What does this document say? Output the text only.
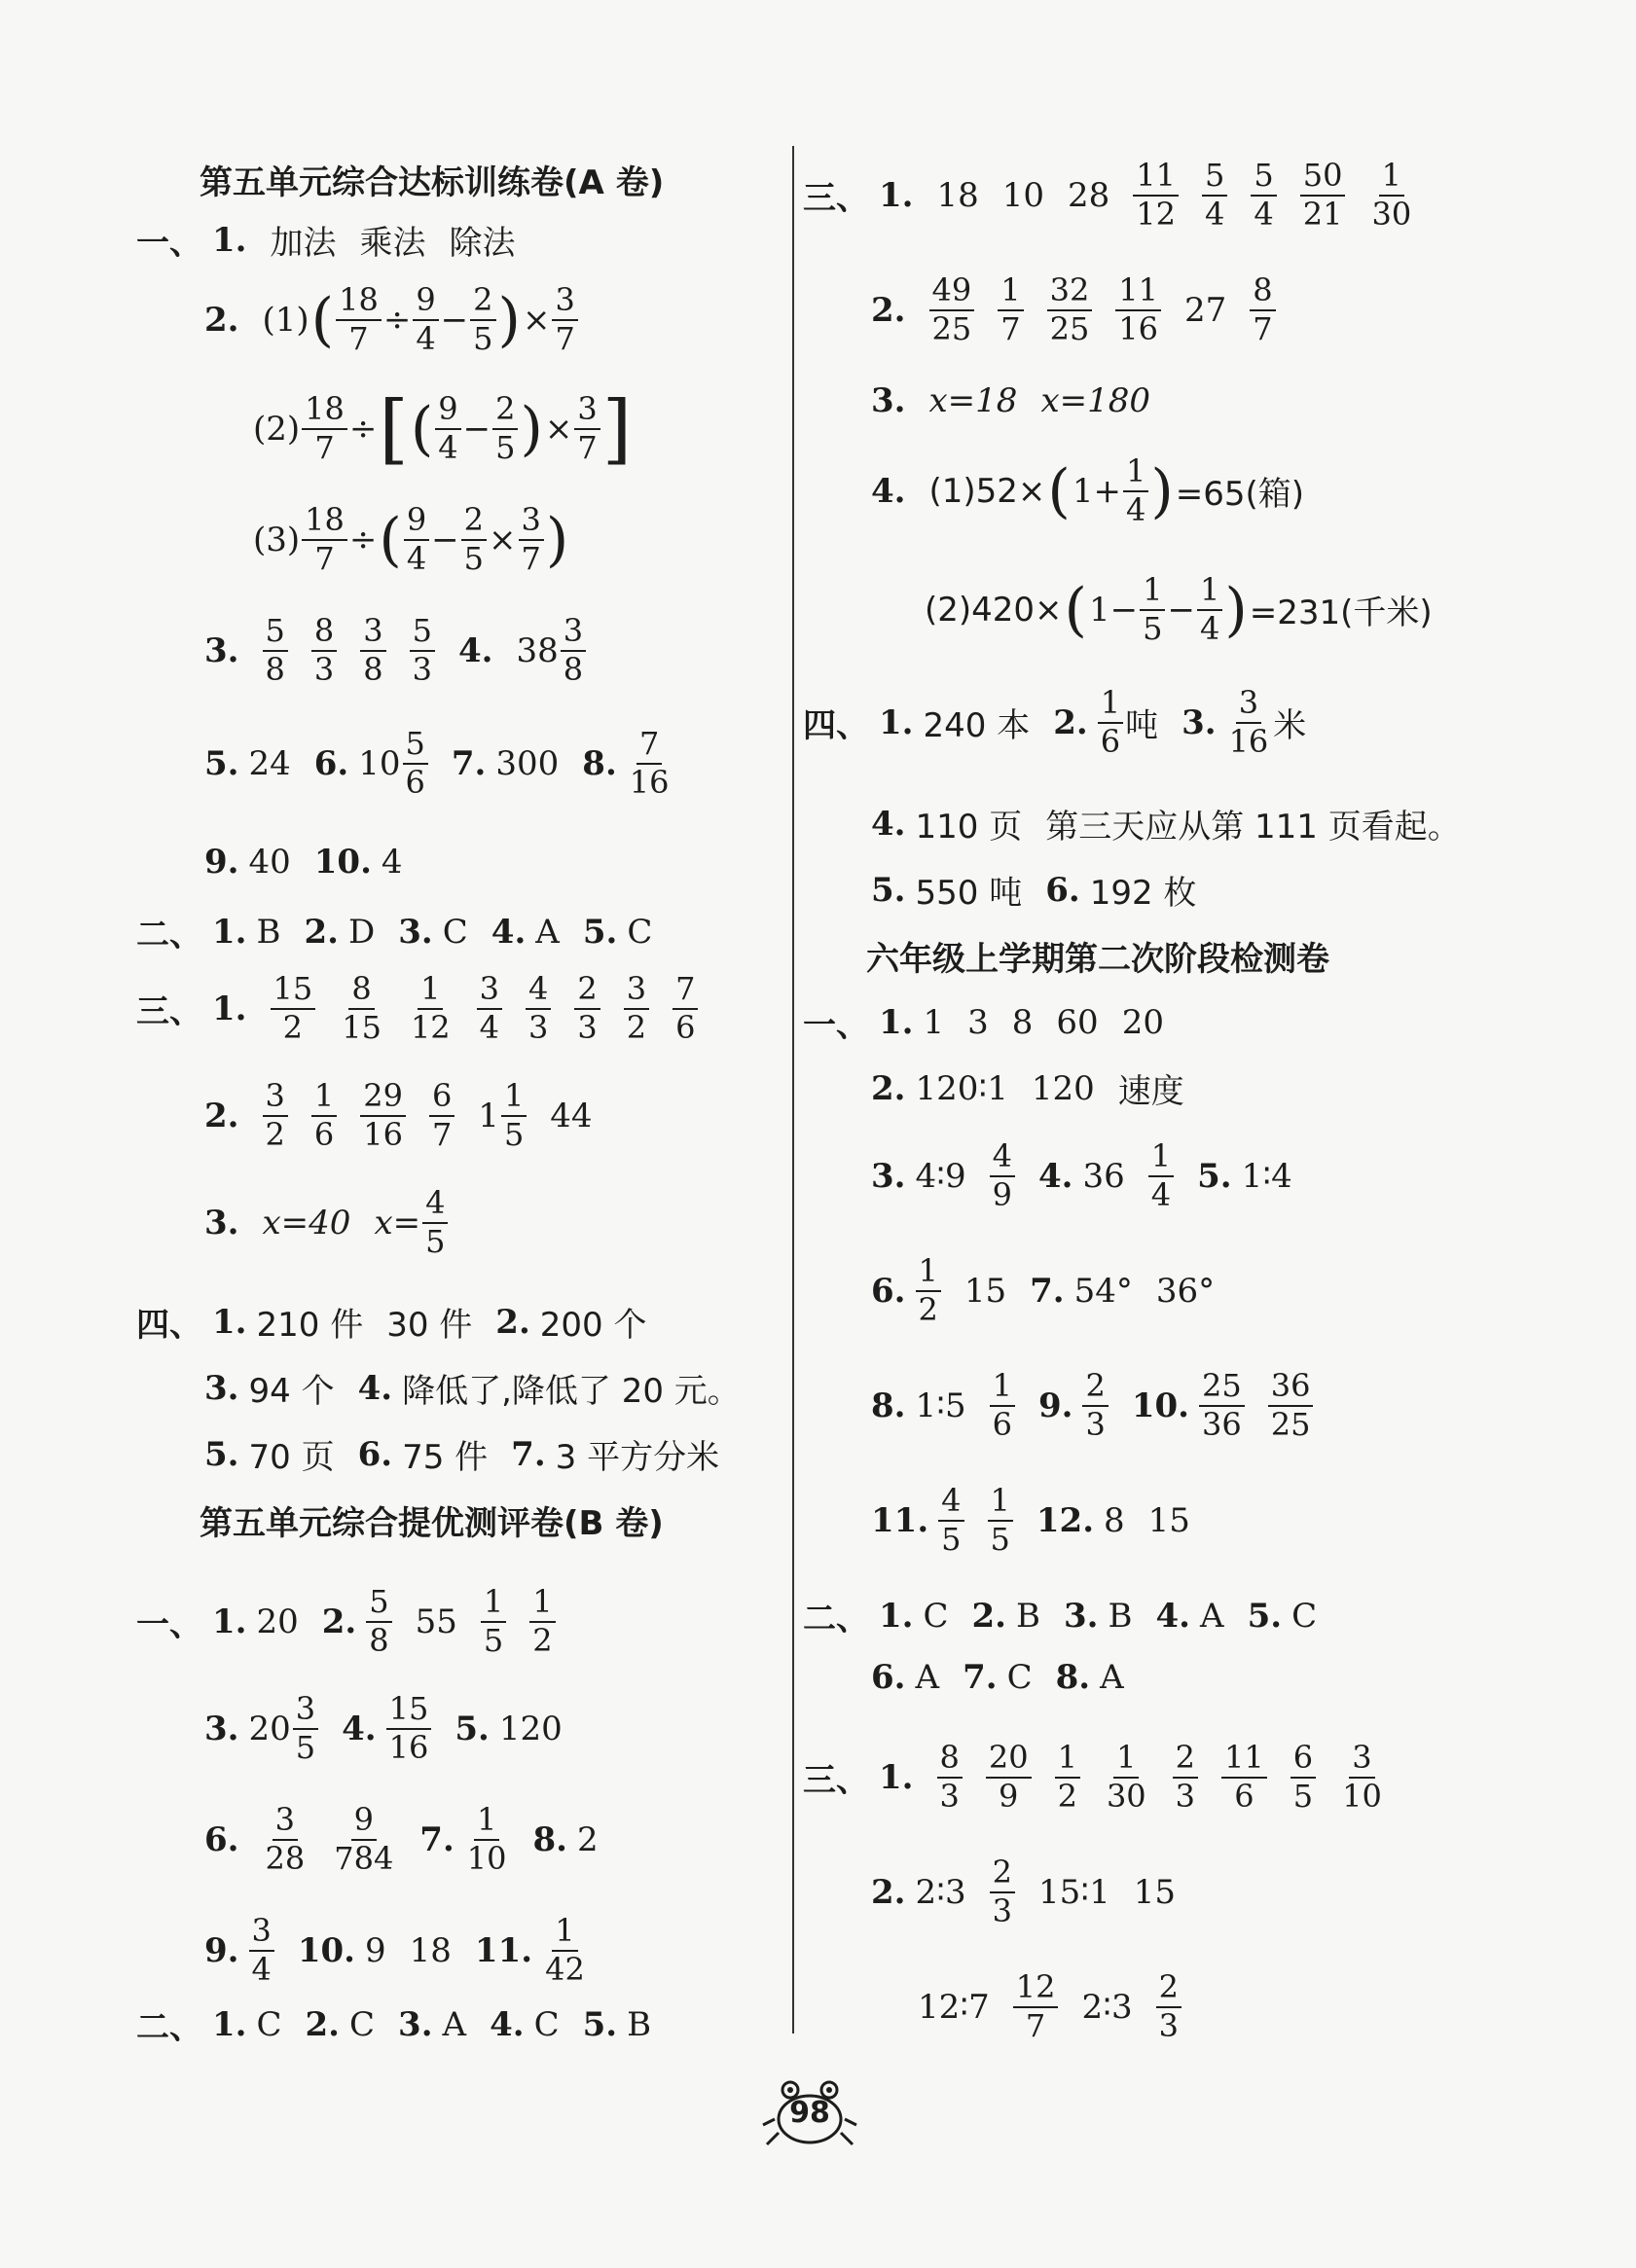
第五单元综合达标训练卷(A 卷)
一、 1. 加法 乘法 除法
2. (1) ( $\frac{18}{7} \div \frac{9}{4} - \frac{2}{5}$ ) × $\frac{3}{7}$
$(2) \frac{18}{7}$ ÷ [ ( $\frac{9}{4} - \frac{2}{5}$ ) × $\frac{3}{7}$ ]
$(3) \frac{18}{7}$ ÷ ( $\frac{9}{4} - \frac{2}{5} \times \frac{3}{7}$ )
3. $\frac{5}{8} \frac{8}{3} \frac{3}{8} \frac{5}{3} 4$. $38 \frac{3}{8}$
5. 24 6. $10 \frac{5}{6} 7$. 300 8. $\frac{7}{16}$
9. 40 10. 4
二、 1. B 2. D 3. C 4. A 5. C
三、 1. $\frac{15}{2} \frac{8}{15} \frac{1}{12} \frac{3}{4} \frac{4}{3} \frac{2}{3} \frac{3}{2} \frac{7}{6}$
2. $\frac{3}{2} \frac{1}{6} \frac{29}{16} \frac{6}{7} 1 \frac{1}{5} 44$
3. x=40 $x= \frac{4}{5}$
四、 1. 210 件 30 件 2. 200 个
3. 94 个 4. 降低了,降低了 20 元。
5. 70 页 6. 75 件 7. 3 平方分米
第五单元综合提优测评卷(B 卷)
一、 1. 20 2. $\frac{5}{8} 55 \frac{1}{5} \frac{1}{2}$
3. $20 \frac{3}{5} 4$. $\frac{15}{16} 5$. 120
6. $\frac{3}{28} \frac{9}{784} 7$. $\frac{1}{10} 8$. 2
9. $\frac{3}{4} 10$. 9 18 11. $\frac{1}{42}$
二、 1. C 2. C 3. A 4. C 5. B
三、 1. 18 10 $28 \frac{11}{12} \frac{5}{4} \frac{5}{4} \frac{50}{21} \frac{1}{30}$
2. $\frac{49}{25} \frac{1}{7} \frac{32}{25} \frac{11}{16} 27 \frac{8}{7}$
3. x=18 x=180
4. (1)52× ( $1+ \frac{1}{4}$ ) =65(箱)
(2)420× ( $1- \frac{1}{5} - \frac{1}{4}$ ) =231(千米)
四、 1. 240 本 2. $\frac{1}{6}$ 吨 3. $\frac{3}{16}$ 米
4. 110 页 第三天应从第 111 页看起。
5. 550 吨 6. 192 枚
六年级上学期第二次阶段检测卷
一、 1. 1 3 8 60 20
2. 120∶1 120 速度
3. 4∶9 $\frac{4}{9} 4$. $36 \frac{1}{4} 5$. 1∶4
6. $\frac{1}{2} 15$ 7. 54° 36°
8. 1∶5 $\frac{1}{6} 9$. $\frac{2}{3} 10$. $\frac{25}{36} \frac{36}{25}$
11. $\frac{4}{5} \frac{1}{5} 12$. 8 15
二、 1. C 2. B 3. B 4. A 5. C
6. A 7. C 8. A
三、 1. $\frac{8}{3} \frac{20}{9} \frac{1}{2} \frac{1}{30} \frac{2}{3} \frac{11}{6} \frac{6}{5} \frac{3}{10}$
2. 2∶3 $\frac{2}{3}$ 15∶1 15
12∶7 $\frac{12}{7}$ 2∶3 $\frac{2}{3}$
98
